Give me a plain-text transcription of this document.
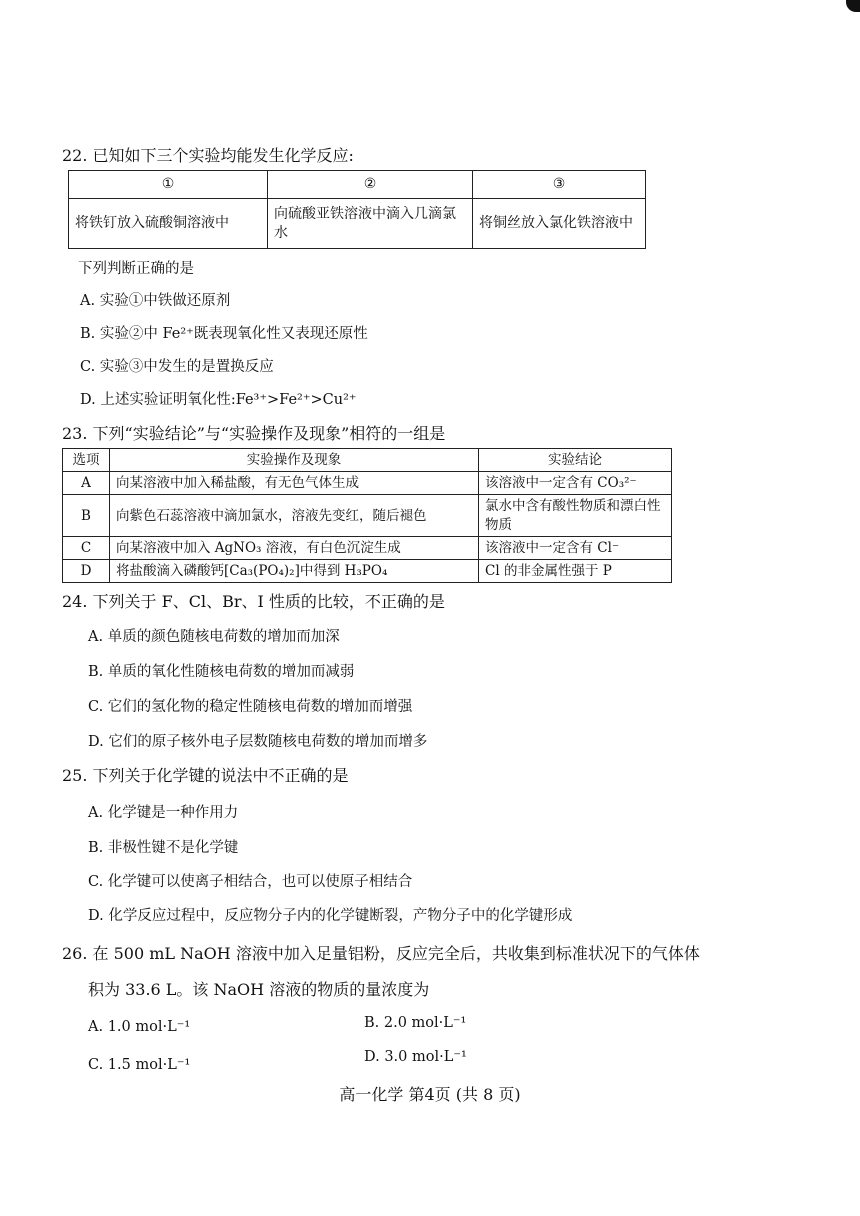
22. 已知如下三个实验均能发生化学反应:
①	②	③
将铁钉放入硫酸铜溶液中	向硫酸亚铁溶液中滴入几滴氯水	将铜丝放入氯化铁溶液中
下列判断正确的是
A. 实验①中铁做还原剂
B. 实验②中 Fe²⁺既表现氧化性又表现还原性
C. 实验③中发生的是置换反应
D. 上述实验证明氧化性:Fe³⁺>Fe²⁺>Cu²⁺
23. 下列“实验结论”与“实验操作及现象”相符的一组是
选项	实验操作及现象	实验结论
A	向某溶液中加入稀盐酸，有无色气体生成	该溶液中一定含有 CO₃²⁻
B	向紫色石蕊溶液中滴加氯水，溶液先变红，随后褪色	氯水中含有酸性物质和漂白性物质
C	向某溶液中加入 AgNO₃ 溶液，有白色沉淀生成	该溶液中一定含有 Cl⁻
D	将盐酸滴入磷酸钙[Ca₃(PO₄)₂]中得到 H₃PO₄	Cl 的非金属性强于 P
24. 下列关于 F、Cl、Br、I 性质的比较，不正确的是
A. 单质的颜色随核电荷数的增加而加深
B. 单质的氧化性随核电荷数的增加而减弱
C. 它们的氢化物的稳定性随核电荷数的增加而增强
D. 它们的原子核外电子层数随核电荷数的增加而增多
25. 下列关于化学键的说法中不正确的是
A. 化学键是一种作用力
B. 非极性键不是化学键
C. 化学键可以使离子相结合，也可以使原子相结合
D. 化学反应过程中，反应物分子内的化学键断裂，产物分子中的化学键形成
26. 在 500 mL NaOH 溶液中加入足量铝粉，反应完全后，共收集到标准状况下的气体体
积为 33.6 L。该 NaOH 溶液的物质的量浓度为
A. 1.0 mol·L⁻¹	B. 2.0 mol·L⁻¹
C. 1.5 mol·L⁻¹	D. 3.0 mol·L⁻¹
高一化学 第4页 (共 8 页)
